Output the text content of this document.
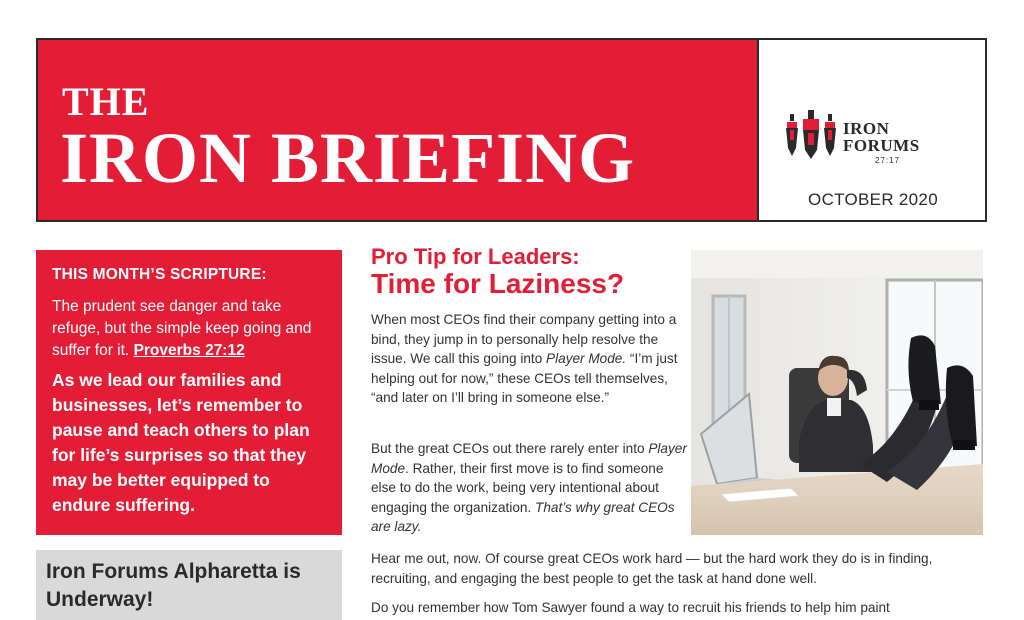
THE
IRON BRIEFING	IRON
FORUMS
27:17
OCTOBER 2020
THIS MONTH’S SCRIPTURE:
The prudent see danger and take refuge, but the simple keep going and suffer for it. Proverbs 27:12
As we lead our families and businesses, let’s remember to pause and teach others to plan for life’s surprises so that they may be better equipped to endure suffering.
Iron Forums Alpharetta is Underway!
Pro Tip for Leaders:
Time for Laziness?
When most CEOs find their company getting into a bind, they jump in to personally help resolve the issue. We call this going into Player Mode. “I’m just helping out for now,” these CEOs tell themselves, “and later on I’ll bring in someone else.”
But the great CEOs out there rarely enter into Player Mode. Rather, their first move is to find someone else to do the work, being very intentional about engaging the organization. That’s why great CEOs are lazy.
Hear me out, now. Of course great CEOs work hard — but the hard work they do is in finding, recruiting, and engaging the best people to get the task at hand done well.
Do you remember how Tom Sawyer found a way to recruit his friends to help him paint
